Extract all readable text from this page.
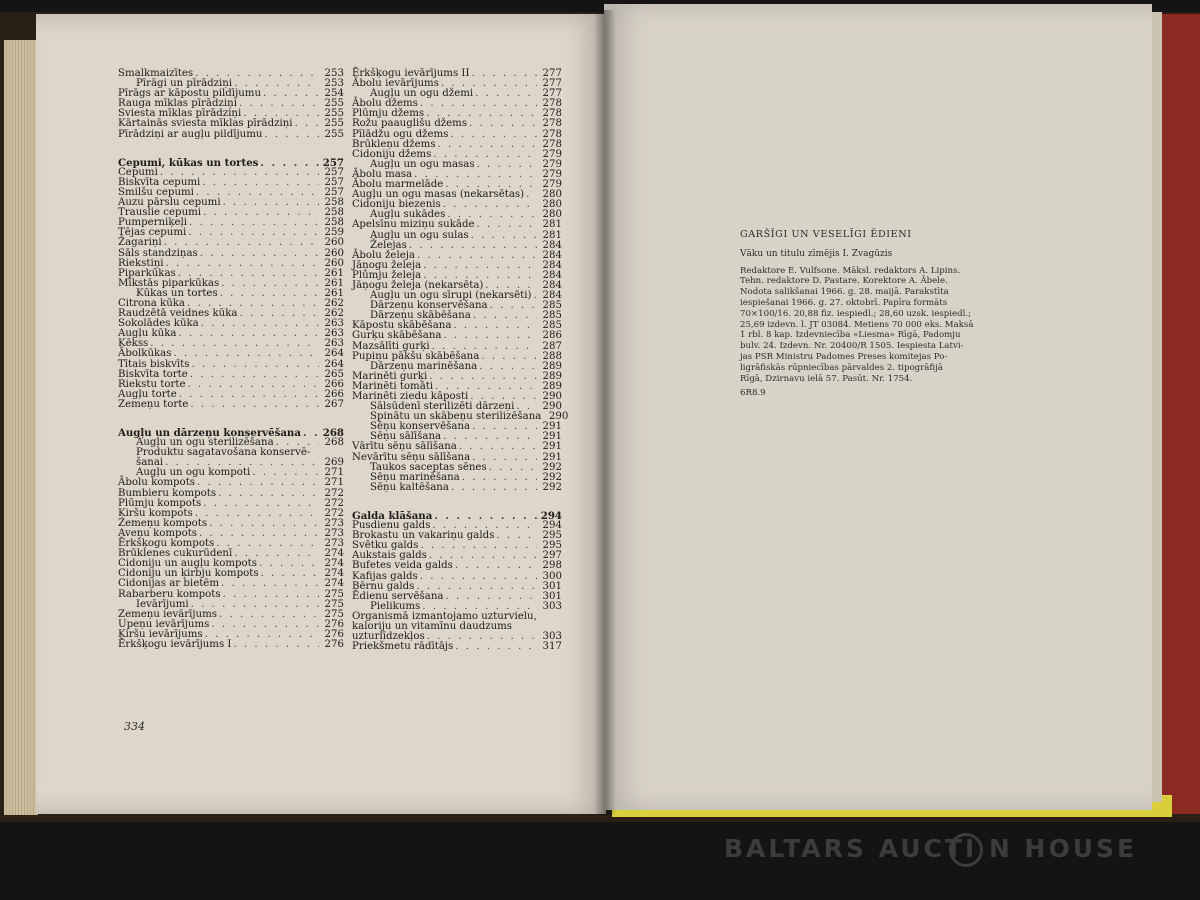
Smalkmaizītes . . .	253
Pīrāgi un pīrādziņi . . .	253
Pīrāgs ar kāpostu pildījumu . . .	254
Rauga mīklas pīrādziņi . . .	255
Sviesta mīklas pīrādziņi . . .	255
Kārtainās sviesta mīklas pīrādziņi . . .	255
Pīrādziņi ar augļu pildījumu . . .	255
Cepumi, kūkas un tortes . . .	257
Cepumi . . .	257
Biskvīta cepumi . . .	257
Smilšu cepumi . . .	257
Auzu pārslu cepumi . . .	258
Trauslie cepumi . . .	258
Pumperniķeļi . . .	258
Tējas cepumi . . .	259
Žagariņi . . .	260
Sāls standziņas . . .	260
Riekstiņi . . .	260
Piparkūkas . . .	261
Mīkstās piparkūkas . . .	261
Kūkas un tortes . . .	261
Citrona kūka . . .	262
Raudzētā veidnes kūka . . .	262
Sokolādes kūka . . .	263
Augļu kūka . . .	263
Kēkss . . .	263
Ābolkūkas . . .	264
Tītais biskvīts . . .	264
Biskvīta torte . . .	265
Riekstu torte . . .	266
Augļu torte . . .	266
Zemeņu torte . . .	267
Augļu un dārzeņu konservēšana . . .	268
Augļu un ogu sterilizēšana . . .	268
Produktu sagatavošana konservē-
šanai . . .	269
Augļu un ogu kompoti . . .	271
Ābolu kompots . . .	271
Bumbieru kompots . . .	272
Plūmju kompots . . .	272
Ķiršu kompots . . .	272
Zemeņu kompots . . .	273
Aveņu kompots . . .	273
Ērkšķogu kompots . . .	273
Brūklenes cukurūdenī . . .	274
Cidoniju un augļu kompots . . .	274
Cidoniju un ķirbju kompots . . .	274
Cidonijas ar bietēm . . .	274
Rabarberu kompots . . .	275
Ievārījumi . . .	275
Zemeņu ievārījums . . .	275
Upeņu ievārījums . . .	276
Ķiršu ievārījums . . .	276
Ērkšķogu ievārījums I . . .	276
Ērkšķogu ievārījums II . . .	277
Ābolu ievārījums . . .	277
Augļu un ogu džemi . . .	277
Ābolu džems . . .	278
Plūmju džems . . .	278
Rožu paauglišu džems . . .	278
Pīlādžu ogu džems . . .	278
Brūkleņu džems . . .	278
Cidoniju džems . . .	279
Augļu un ogu masas . . .	279
Ābolu masa . . .	279
Ābolu marmelāde . . .	279
Augļu un ogu masas (nekarsētas) . . .	280
Cidoniju biezenis . . .	280
Augļu sukādes . . .	280
Apelsīnu miziņu sukāde . . .	281
Augļu un ogu sulas . . .	281
Želejas . . .	284
Ābolu želeja . . .	284
Jāņogu želeja . . .	284
Plūmju želeja . . .	284
Jāņogu želeja (nekarsēta) . . .	284
Augļu un ogu sīrupi (nekarsēti) . . .	284
Dārzeņu konservēšana . . .	285
Dārzeņu skābēšana . . .	285
Kāpostu skābēšana . . .	285
Gurķu skābēšana . . .	286
Mazsālīti gurķi . . .	287
Pupiņu pākšu skābēšana . . .	288
Dārzeņu marinēšana . . .	289
Marinēti gurķi . . .	289
Marinēti tomāti . . .	289
Marinēti ziedu kāposti . . .	290
Sālsūdenī sterilizēti dārzeņi . . .	290
Spinātu un skābeņu sterilizēšana 290
Sēņu konservēšana . . .	291
Sēņu sālīšana . . .	291
Vārītu sēņu sālīšana . . .	291
Nevārītu sēņu sālīšana . . .	291
Taukos saceptas sēnes . . .	292
Sēņu marinēšana . . .	292
Sēņu kaltēšana . . .	292
Galda klāšana . . .	294
Pusdienu galds . . .	294
Brokastu un vakariņu galds . . .	295
Svētku galds . . .	295
Aukstais galds . . .	297
Bufetes veida galds . . .	298
Kafijas galds . . .	300
Bērnu galds . . .	301
Ēdienu servēšana . . .	301
Pielikums . . .	303
Organismā izmantojamo uzturvielu,
kaloriju un vitamīnu daudzums
uzturlīdzekļos . . .	303
Priekšmetu rādītājs . . .	317
334
GARŠĪGI UN VESELĪGI ĒDIENI
Vāku un titulu zīmējis I. Zvagūzis
Redaktore E. Vulfsone. Māksl. redaktors A. Lipins.
Tehn. redaktore D. Pastare. Korektore A. Ābele.
Nodota salikšanai 1966. g. 28. maijā. Parakstīta
iespiešanai 1966. g. 27. oktobrī. Papīra formāts
70×100/16. 20,88 fiz. iespiedl.; 28,60 uzsk. iespiedl.;
25,69 izdevn. l. JT 03084. Metiens 70 000 eks. Maksā
1 rbl. 8 kap. Izdevniecība «Liesma» Rīgā, Padomju
bulv. 24. Izdevn. Nr. 20400/R 1505. Iespiesta Latvi-
jas PSR Ministru Padomes Preses komitejas Po-
ligrāfiskās rūpniecības pārvaldes 2. tipogrāfijā
Rīgā, Dzirnavu ielā 57. Pasūt. Nr. 1754.
6R8.9
BALTARS AUCTI N HOUSE
